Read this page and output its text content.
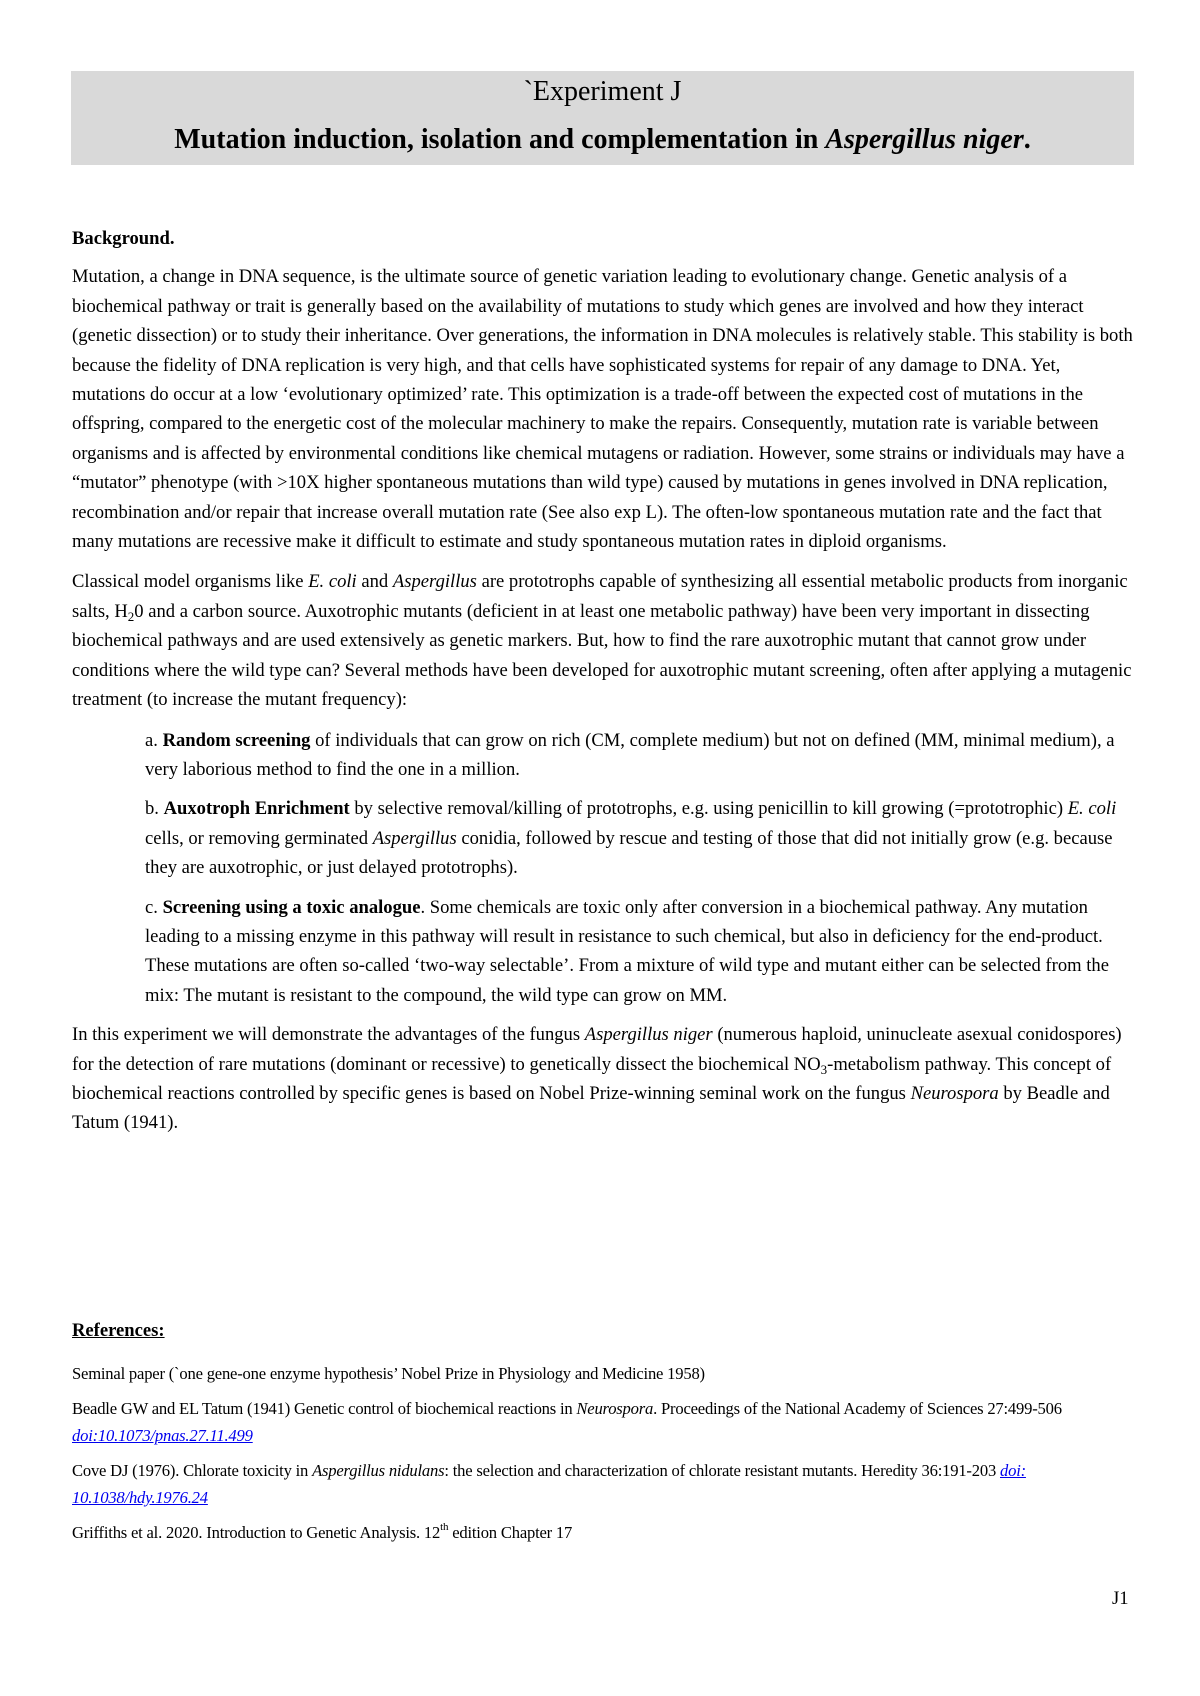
`Experiment J
Mutation induction, isolation and complementation in Aspergillus niger.

Background.

Mutation, a change in DNA sequence, is the ultimate source of genetic variation leading to evolutionary change. Genetic analysis of a biochemical pathway or trait is generally based on the availability of mutations to study which genes are involved and how they interact (genetic dissection) or to study their inheritance. Over generations, the information in DNA molecules is relatively stable. This stability is both because the fidelity of DNA replication is very high, and that cells have sophisticated systems for repair of any damage to DNA. Yet, mutations do occur at a low ‘evolutionary optimized’ rate. This optimization is a trade-off between the expected cost of mutations in the offspring, compared to the energetic cost of the molecular machinery to make the repairs. Consequently, mutation rate is variable between organisms and is affected by environmental conditions like chemical mutagens or radiation. However, some strains or individuals may have a “mutator” phenotype (with >10X higher spontaneous mutations than wild type) caused by mutations in genes involved in DNA replication, recombination and/or repair that increase overall mutation rate (See also exp L). The often-low spontaneous mutation rate and the fact that many mutations are recessive make it difficult to estimate and study spontaneous mutation rates in diploid organisms.

Classical model organisms like E. coli and Aspergillus are prototrophs capable of synthesizing all essential metabolic products from inorganic salts, $H_20$ and a carbon source. Auxotrophic mutants (deficient in at least one metabolic pathway) have been very important in dissecting biochemical pathways and are used extensively as genetic markers. But, how to find the rare auxotrophic mutant that cannot grow under conditions where the wild type can? Several methods have been developed for auxotrophic mutant screening, often after applying a mutagenic treatment (to increase the mutant frequency):

a. Random screening of individuals that can grow on rich (CM, complete medium) but not on defined (MM, minimal medium), a very laborious method to find the one in a million.

b. Auxotroph Enrichment by selective removal/killing of prototrophs, e.g. using penicillin to kill growing (=prototrophic) E. coli cells, or removing germinated Aspergillus conidia, followed by rescue and testing of those that did not initially grow (e.g. because they are auxotrophic, or just delayed prototrophs).

c. Screening using a toxic analogue. Some chemicals are toxic only after conversion in a biochemical pathway. Any mutation leading to a missing enzyme in this pathway will result in resistance to such chemical, but also in deficiency for the end-product. These mutations are often so-called ‘two-way selectable’. From a mixture of wild type and mutant either can be selected from the mix: The mutant is resistant to the compound, the wild type can grow on MM.

In this experiment we will demonstrate the advantages of the fungus Aspergillus niger (numerous haploid, uninucleate asexual conidospores) for the detection of rare mutations (dominant or recessive) to genetically dissect the biochemical $NO_3$-metabolism pathway. This concept of biochemical reactions controlled by specific genes is based on Nobel Prize-winning seminal work on the fungus Neurospora by Beadle and Tatum (1941).

References:

Seminal paper (`one gene-one enzyme hypothesis’ Nobel Prize in Physiology and Medicine 1958)

Beadle GW and EL Tatum (1941) Genetic control of biochemical reactions in Neurospora. Proceedings of the National Academy of Sciences 27:499-506 doi:10.1073/pnas.27.11.499

Cove DJ (1976). Chlorate toxicity in Aspergillus nidulans: the selection and characterization of chlorate resistant mutants. Heredity 36:191-203 doi: 10.1038/hdy.1976.24

Griffiths et al. 2020. Introduction to Genetic Analysis. 12th edition Chapter 17

J1
